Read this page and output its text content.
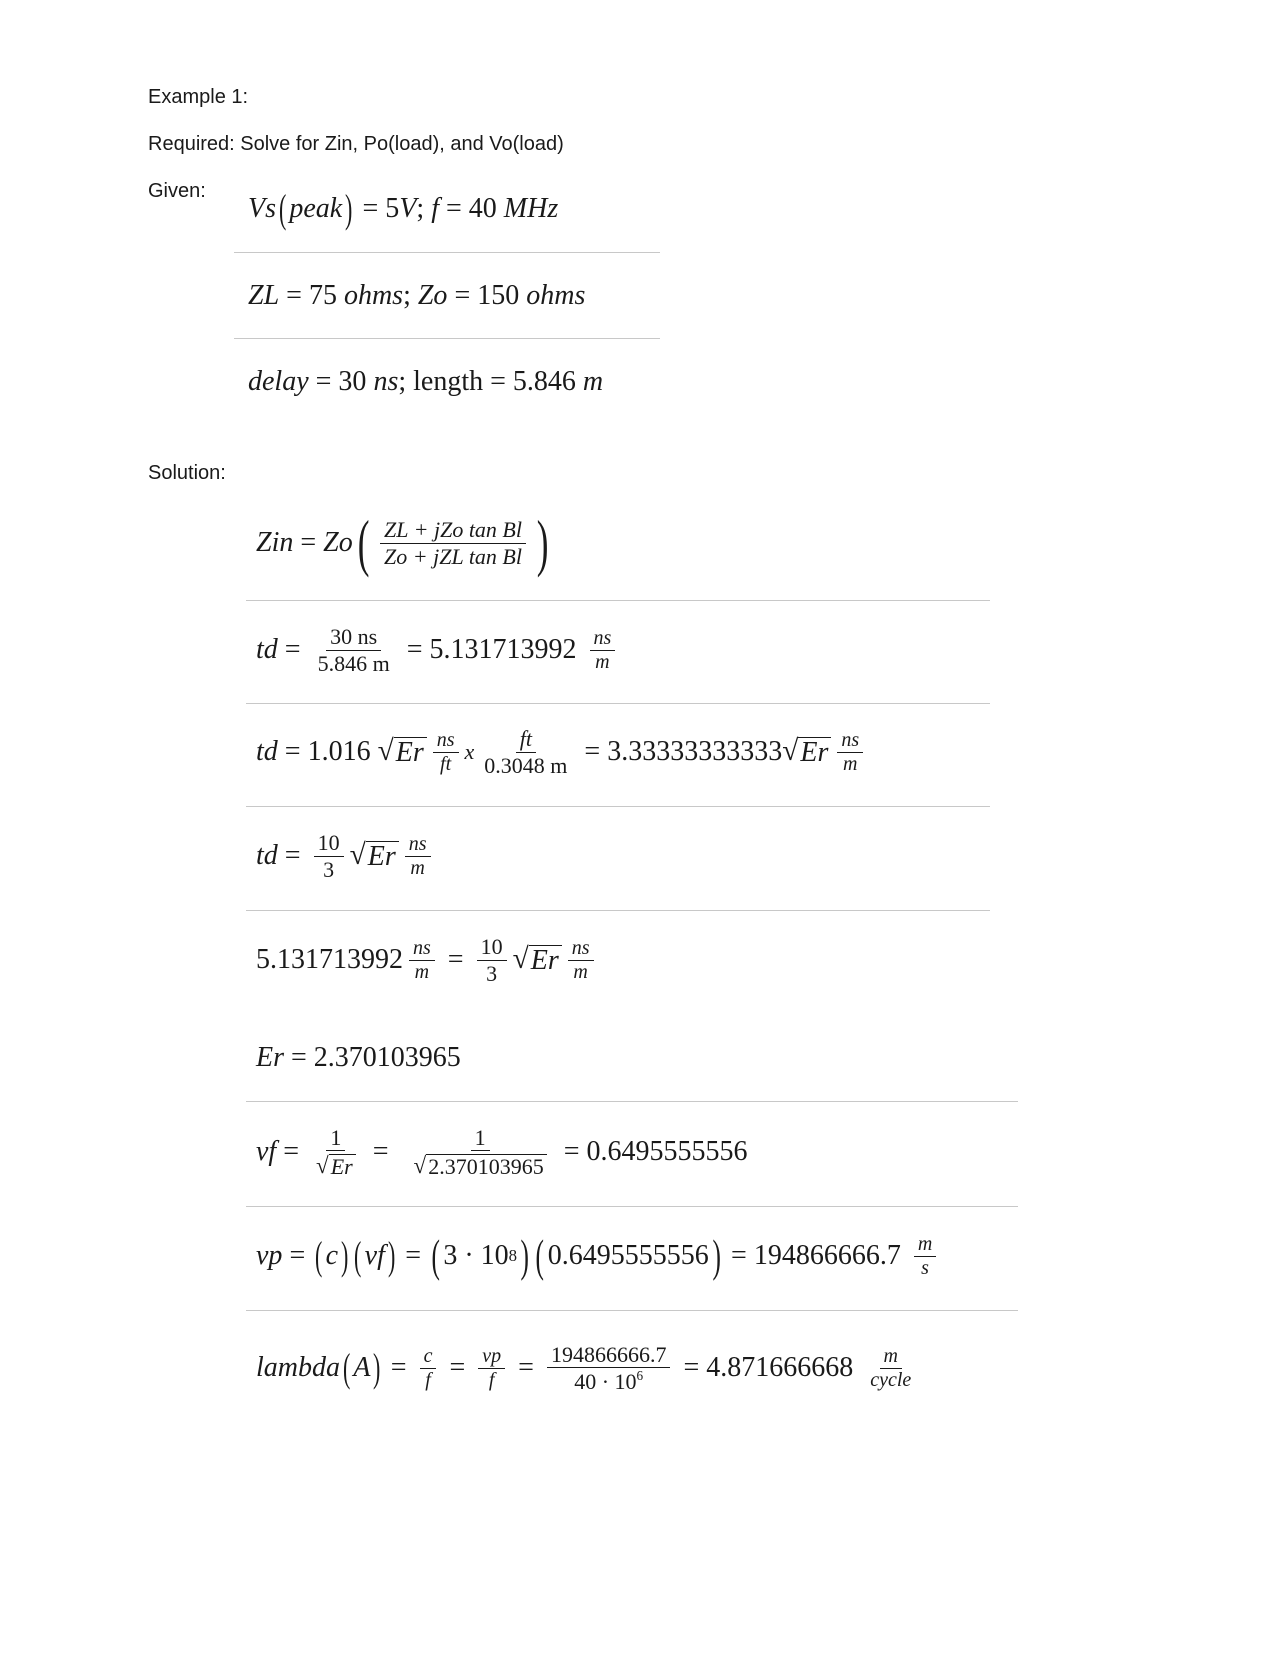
Example 1:
Required: Solve for Zin, Po(load), and Vo(load)
Given:
Vs ( peak ) = 5 V ; f = 40 MHz
ZL = 75 ohms ; Zo = 150 ohms
delay = 30 ns ; length = 5.846 m
Solution:
Zin = Zo ( $\frac{\text{ZL + jZo tan Bl}}{\text{Zo + jZL tan Bl}}$ )
td = $\frac{30 ns}{5.846 m} = 5.131713992 \frac{ns}{m}$
td = 1.016 √ Er $\frac{ns}{ft}$ x $\frac{ft}{0.3048 m} = 3.33333333333$ √ Er $\frac{ns}{m}$
td = $\frac{10}{3}$ √ Er $\frac{ns}{m}$
$5.131713992 \frac{ns}{m} = \frac{10}{3}$ √ Er $\frac{ns}{m}$
Er = 2.370103965
vf = $\frac{1}{√ Er} = \frac{1}{√ 2.370103965} = 0.6495555556$
vp = ( c ) ( vf ) = ( 3 · 10 8 ) ( 0.6495555556 ) = $194866666.7 \frac{m}{s}$
lambda ( A ) = $\frac{c}{f} = \frac{vp}{f} = \frac{194866666.7}{40 \cdot 10^6} = 4.871666668 \frac{m}{\text{cycle}}$
